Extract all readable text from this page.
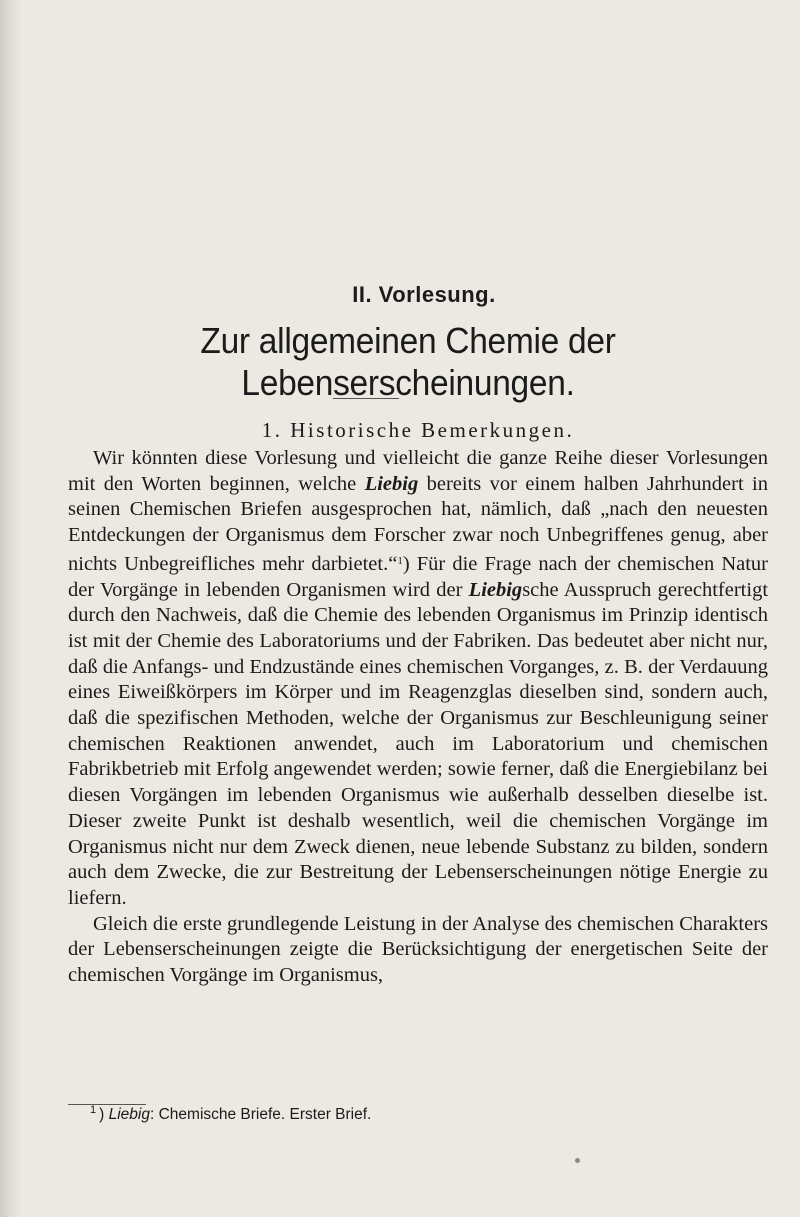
II. Vorlesung.
Zur allgemeinen Chemie der Lebenserscheinungen.
1. Historische Bemerkungen.

Wir könnten diese Vorlesung und vielleicht die ganze Reihe dieser Vorlesungen mit den Worten beginnen, welche Liebig bereits vor einem halben Jahrhundert in seinen Chemischen Briefen ausgesprochen hat, nämlich, daß „nach den neuesten Entdeckungen der Organismus dem Forscher zwar noch Unbegriffenes genug, aber nichts Unbegreifliches mehr darbietet.“$^1$) Für die Frage nach der chemischen Natur der Vorgänge in lebenden Organismen wird der Liebigsche Ausspruch gerechtfertigt durch den Nachweis, daß die Chemie des lebenden Organismus im Prinzip identisch ist mit der Chemie des Laboratoriums und der Fabriken. Das bedeutet aber nicht nur, daß die Anfangs- und Endzustände eines chemischen Vorganges, z. B. der Verdauung eines Eiweißkörpers im Körper und im Reagenzglas dieselben sind, sondern auch, daß die spezifischen Methoden, welche der Organismus zur Beschleunigung seiner chemischen Reaktionen anwendet, auch im Laboratorium und chemischen Fabrikbetrieb mit Erfolg angewendet werden; sowie ferner, daß die Energiebilanz bei diesen Vorgängen im lebenden Organismus wie außerhalb desselben dieselbe ist. Dieser zweite Punkt ist deshalb wesentlich, weil die chemischen Vorgänge im Organismus nicht nur dem Zweck dienen, neue lebende Substanz zu bilden, sondern auch dem Zwecke, die zur Bestreitung der Lebenserscheinungen nötige Energie zu liefern.

Gleich die erste grundlegende Leistung in der Analyse des chemischen Charakters der Lebenserscheinungen zeigte die Berücksichtigung der energetischen Seite der chemischen Vorgänge im Organismus,

$^1$ ) Liebig: Chemische Briefe. Erster Brief.
